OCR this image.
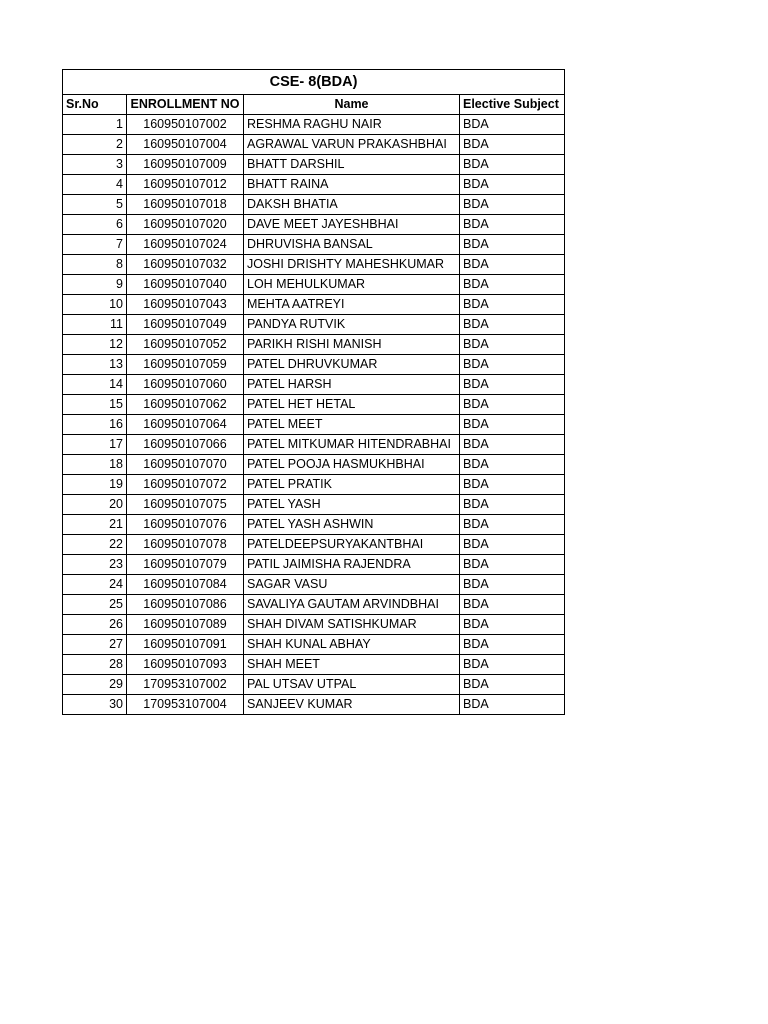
CSE- 8(BDA)			
Sr.No	ENROLLMENT NO	Name	Elective Subject
1	160950107002	RESHMA RAGHU NAIR	BDA
2	160950107004	AGRAWAL VARUN PRAKASHBHAI	BDA
3	160950107009	BHATT DARSHIL	BDA
4	160950107012	BHATT RAINA	BDA
5	160950107018	DAKSH BHATIA	BDA
6	160950107020	DAVE MEET JAYESHBHAI	BDA
7	160950107024	DHRUVISHA BANSAL	BDA
8	160950107032	JOSHI DRISHTY MAHESHKUMAR	BDA
9	160950107040	LOH MEHULKUMAR	BDA
10	160950107043	MEHTA AATREYI	BDA
11	160950107049	PANDYA RUTVIK	BDA
12	160950107052	PARIKH RISHI MANISH	BDA
13	160950107059	PATEL DHRUVKUMAR	BDA
14	160950107060	PATEL HARSH	BDA
15	160950107062	PATEL HET HETAL	BDA
16	160950107064	PATEL MEET	BDA
17	160950107066	PATEL MITKUMAR HITENDRABHAI	BDA
18	160950107070	PATEL POOJA HASMUKHBHAI	BDA
19	160950107072	PATEL PRATIK	BDA
20	160950107075	PATEL YASH	BDA
21	160950107076	PATEL YASH ASHWIN	BDA
22	160950107078	PATELDEEPSURYAKANTBHAI	BDA
23	160950107079	PATIL JAIMISHA RAJENDRA	BDA
24	160950107084	SAGAR VASU	BDA
25	160950107086	SAVALIYA GAUTAM ARVINDBHAI	BDA
26	160950107089	SHAH DIVAM SATISHKUMAR	BDA
27	160950107091	SHAH KUNAL ABHAY	BDA
28	160950107093	SHAH MEET	BDA
29	170953107002	PAL UTSAV UTPAL	BDA
30	170953107004	SANJEEV KUMAR	BDA
